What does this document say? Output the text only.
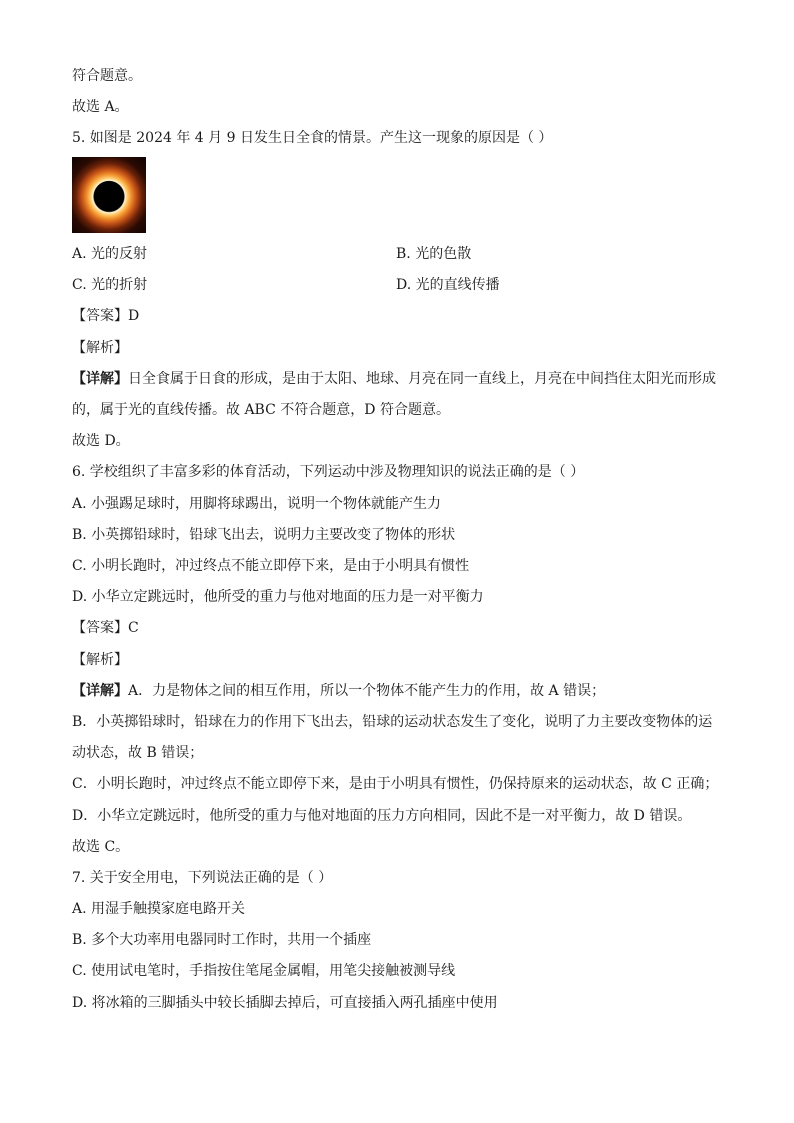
符合题意。
故选 A。
5. 如图是 2024 年 4 月 9 日发生日全食的情景。产生这一现象的原因是（ ）
A. 光的反射	B. 光的色散
C. 光的折射	D. 光的直线传播
【答案】D
【解析】
【详解】日全食属于日食的形成，是由于太阳、地球、月亮在同一直线上，月亮在中间挡住太阳光而形成
的，属于光的直线传播。故 ABC 不符合题意，D 符合题意。
故选 D。
6. 学校组织了丰富多彩的体育活动，下列运动中涉及物理知识的说法正确的是（ ）
A. 小强踢足球时，用脚将球踢出，说明一个物体就能产生力
B. 小英掷铅球时，铅球飞出去，说明力主要改变了物体的形状
C. 小明长跑时，冲过终点不能立即停下来，是由于小明具有惯性
D. 小华立定跳远时，他所受的重力与他对地面的压力是一对平衡力
【答案】C
【解析】
【详解】A．力是物体之间的相互作用，所以一个物体不能产生力的作用，故 A 错误；
B．小英掷铅球时，铅球在力的作用下飞出去，铅球的运动状态发生了变化，说明了力主要改变物体的运
动状态，故 B 错误；
C．小明长跑时，冲过终点不能立即停下来，是由于小明具有惯性，仍保持原来的运动状态，故 C 正确；
D．小华立定跳远时，他所受的重力与他对地面的压力方向相同，因此不是一对平衡力，故 D 错误。
故选 C。
7. 关于安全用电，下列说法正确的是（ ）
A. 用湿手触摸家庭电路开关
B. 多个大功率用电器同时工作时，共用一个插座
C. 使用试电笔时，手指按住笔尾金属帽，用笔尖接触被测导线
D. 将冰箱的三脚插头中较长插脚去掉后，可直接插入两孔插座中使用
